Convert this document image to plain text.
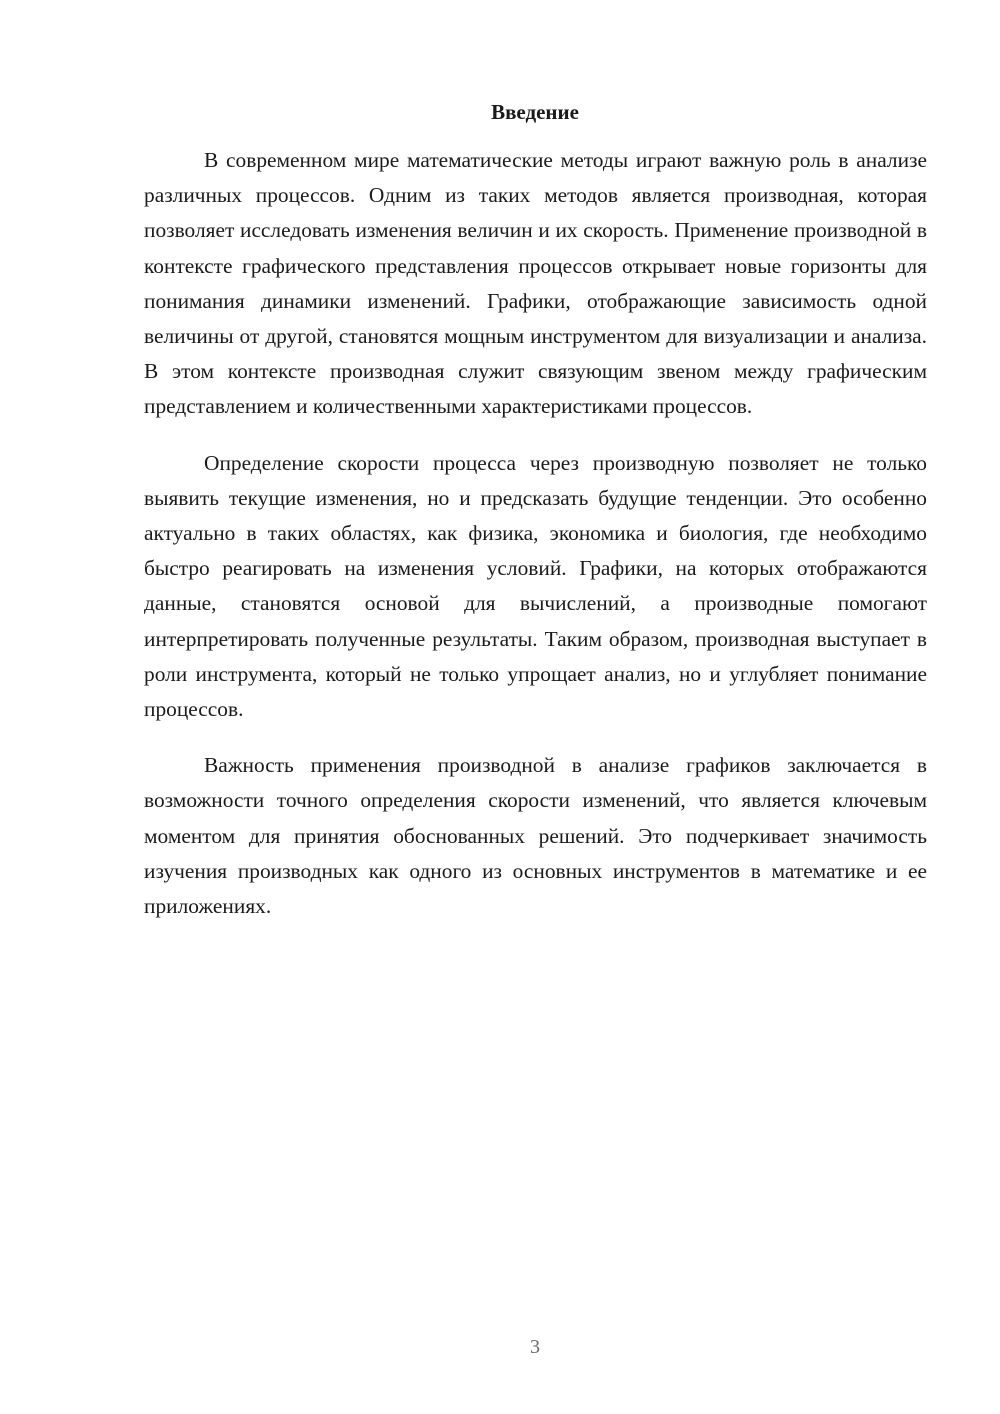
Введение

В современном мире математические методы играют важную роль в анализе различных процессов. Одним из таких методов является производная, которая позволяет исследовать изменения величин и их скорость. Применение производной в контексте графического представления процессов открывает новые горизонты для понимания динамики изменений. Графики, отображающие зависимость одной величины от другой, становятся мощным инструментом для визуализации и анализа. В этом контексте производная служит связующим звеном между графическим представлением и количественными характеристиками процессов.

Определение скорости процесса через производную позволяет не только выявить текущие изменения, но и предсказать будущие тенденции. Это особенно актуально в таких областях, как физика, экономика и биология, где необходимо быстро реагировать на изменения условий. Графики, на которых отображаются данные, становятся основой для вычислений, а производные помогают интерпретировать полученные результаты. Таким образом, производная выступает в роли инструмента, который не только упрощает анализ, но и углубляет понимание процессов.

Важность применения производной в анализе графиков заключается в возможности точного определения скорости изменений, что является ключевым моментом для принятия обоснованных решений. Это подчеркивает значимость изучения производных как одного из основных инструментов в математике и ее приложениях.

3
